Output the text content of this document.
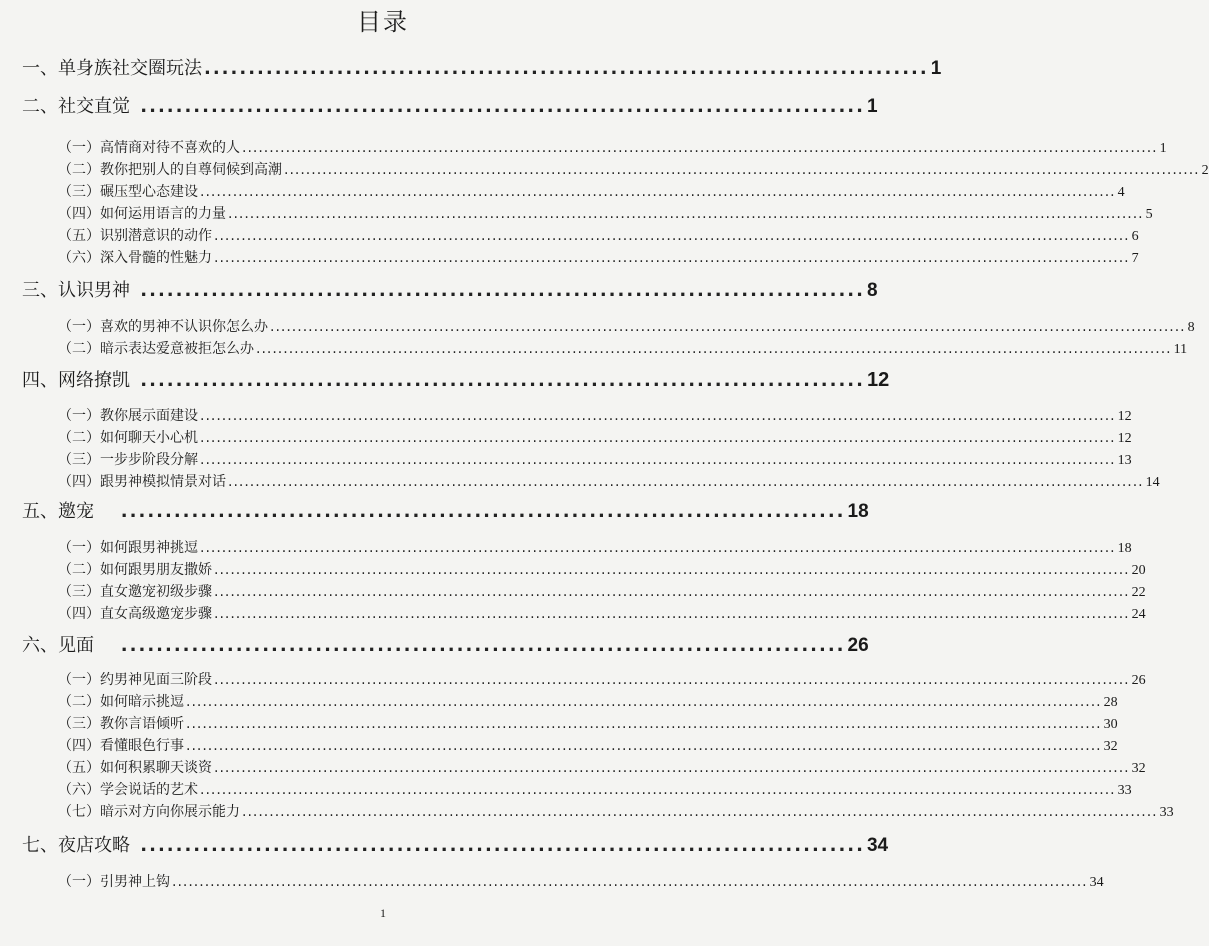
目录
一、单身族社交圈玩法 .................................................................................. 1
二、社交直觉 .................................................................................. 1
（一）高情商对待不喜欢的人 ........................................................................................................................................................................ 1
（二）教你把别人的自尊伺候到高潮 ........................................................................................................................................................................ 2
（三）碾压型心态建设 ........................................................................................................................................................................ 4
（四）如何运用语言的力量 ........................................................................................................................................................................ 5
（五）识别潜意识的动作 ........................................................................................................................................................................ 6
（六）深入骨髓的性魅力 ........................................................................................................................................................................ 7
三、认识男神 .................................................................................. 8
（一）喜欢的男神不认识你怎么办 ........................................................................................................................................................................ 8
（二）暗示表达爱意被拒怎么办 ........................................................................................................................................................................ 11
四、网络撩凯 .................................................................................. 12
（一）教你展示面建设 ........................................................................................................................................................................ 12
（二）如何聊天小心机 ........................................................................................................................................................................ 12
（三）一步步阶段分解 ........................................................................................................................................................................ 13
（四）跟男神模拟情景对话 ........................................................................................................................................................................ 14
五、邀宠 .................................................................................. 18
（一）如何跟男神挑逗 ........................................................................................................................................................................ 18
（二）如何跟男朋友撒娇 ........................................................................................................................................................................ 20
（三）直女邀宠初级步骤 ........................................................................................................................................................................ 22
（四）直女高级邀宠步骤 ........................................................................................................................................................................ 24
六、见面 .................................................................................. 26
（一）约男神见面三阶段 ........................................................................................................................................................................ 26
（二）如何暗示挑逗 ........................................................................................................................................................................ 28
（三）教你言语倾听 ........................................................................................................................................................................ 30
（四）看懂眼色行事 ........................................................................................................................................................................ 32
（五）如何积累聊天谈资 ........................................................................................................................................................................ 32
（六）学会说话的艺术 ........................................................................................................................................................................ 33
（七）暗示对方向你展示能力 ........................................................................................................................................................................ 33
七、夜店攻略 .................................................................................. 34
（一）引男神上钩 ........................................................................................................................................................................ 34
1
